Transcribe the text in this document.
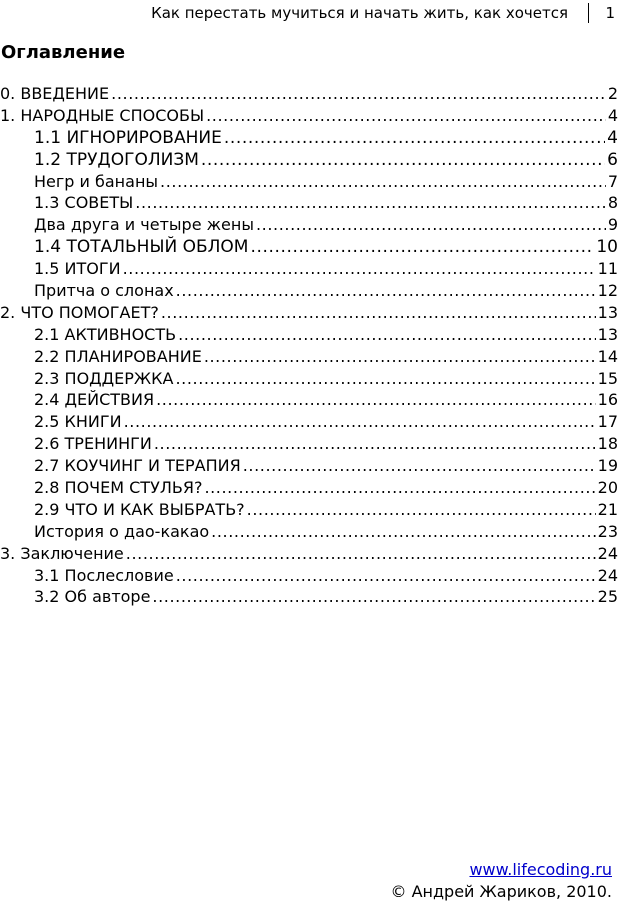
Как перестать мучиться и начать жить, как хочется 1
Оглавление
0. ВВЕДЕНИЕ .....	2
1. НАРОДНЫЕ СПОСОБЫ .....	4
1.1 ИГНОРИРОВАНИЕ .....	4
1.2 ТРУДОГОЛИЗМ .....	6
Негр и бананы .....	7
1.3 СОВЕТЫ .....	8
Два друга и четыре жены .....	9
1.4 ТОТАЛЬНЫЙ ОБЛОМ .....	10
1.5 ИТОГИ .....	11
Притча о слонах .....	12
2. ЧТО ПОМОГАЕТ? .....	13
2.1 АКТИВНОСТЬ .....	13
2.2 ПЛАНИРОВАНИЕ .....	14
2.3 ПОДДЕРЖКА .....	15
2.4 ДЕЙСТВИЯ .....	16
2.5 КНИГИ .....	17
2.6 ТРЕНИНГИ .....	18
2.7 КОУЧИНГ И ТЕРАПИЯ .....	19
2.8 ПОЧЕМ СТУЛЬЯ? .....	20
2.9 ЧТО И КАК ВЫБРАТЬ? .....	21
История о дао-какао .....	23
3. Заключение .....	24
3.1 Послесловие .....	24
3.2 Об авторе .....	25
www.lifecoding.ru
© Андрей Жариков, 2010.
